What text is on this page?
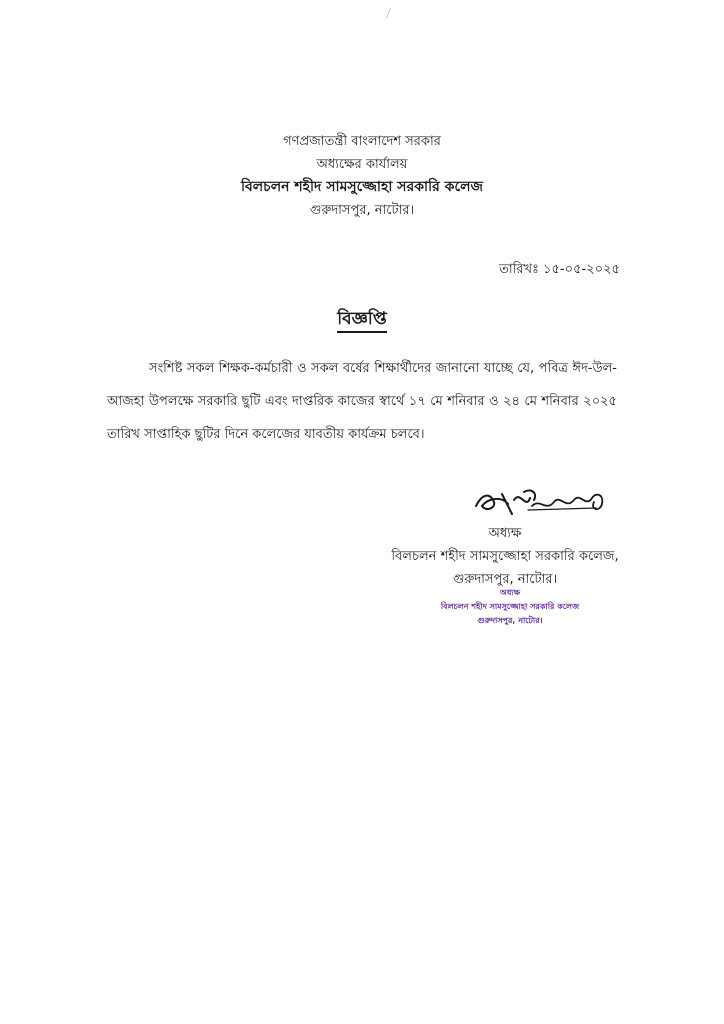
গণপ্রজাতন্ত্রী বাংলাদেশ সরকার
অধ্যক্ষের কার্যালয়
বিলচলন শহীদ সামসুজ্জোহা সরকারি কলেজ
গুরুদাসপুর, নাটোর।
তারিখঃ ১৫-০৫-২০২৫
বিজ্ঞপ্তি
সংশিষ্ট সকল শিক্ষক-কর্মচারী ও সকল বর্ষের শিক্ষার্থীদের জানানো যাচ্ছে যে, পবিত্র ঈদ-উল-আজহা উপলক্ষে সরকারি ছুটি এবং দাপ্তরিক কাজের স্বার্থে ১৭ মে শনিবার ও ২৪ মে শনিবার ২০২৫ তারিখ সাপ্তাহিক ছুটির দিনে কলেজের যাবতীয় কার্যক্রম চলবে।
অধ্যক্ষ
বিলচলন শহীদ সামসুজ্জোহা সরকারি কলেজ,
গুরুদাসপুর, নাটোর।
অধ্যক্ষ
বিলচলন শহীদ সামসুজ্জোহা সরকারি কলেজ
গুরুদাসপুর, নাটোর।
